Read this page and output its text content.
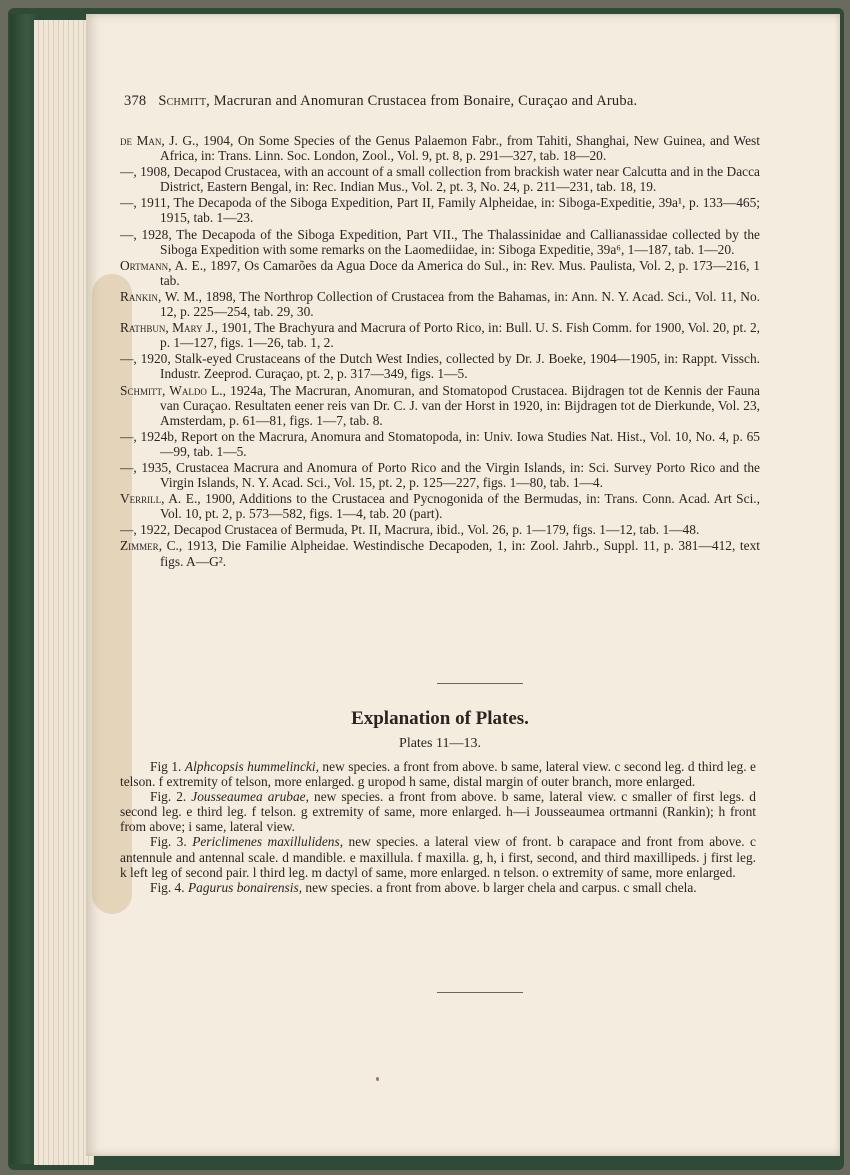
378 Schmitt, Macruran and Anomuran Crustacea from Bonaire, Curaçao and Aruba.
de Man, J. G., 1904, On Some Species of the Genus Palaemon Fabr., from Tahiti, Shanghai, New Guinea, and West Africa, in: Trans. Linn. Soc. London, Zool., Vol. 9, pt. 8, p. 291—327, tab. 18—20.
—, 1908, Decapod Crustacea, with an account of a small collection from brackish water near Calcutta and in the Dacca District, Eastern Bengal, in: Rec. Indian Mus., Vol. 2, pt. 3, No. 24, p. 211—231, tab. 18, 19.
—, 1911, The Decapoda of the Siboga Expedition, Part II, Family Alpheidae, in: Siboga-Expeditie, 39a¹, p. 133—465; 1915, tab. 1—23.
—, 1928, The Decapoda of the Siboga Expedition, Part VII., The Thalassinidae and Callianassidae collected by the Siboga Expedition with some remarks on the Laomediidae, in: Siboga Expeditie, 39a⁶, 1—187, tab. 1—20.
Ortmann, A. E., 1897, Os Camarões da Agua Doce da America do Sul., in: Rev. Mus. Paulista, Vol. 2, p. 173—216, 1 tab.
Rankin, W. M., 1898, The Northrop Collection of Crustacea from the Bahamas, in: Ann. N. Y. Acad. Sci., Vol. 11, No. 12, p. 225—254, tab. 29, 30.
Rathbun, Mary J., 1901, The Brachyura and Macrura of Porto Rico, in: Bull. U. S. Fish Comm. for 1900, Vol. 20, pt. 2, p. 1—127, figs. 1—26, tab. 1, 2.
—, 1920, Stalk-eyed Crustaceans of the Dutch West Indies, collected by Dr. J. Boeke, 1904—1905, in: Rappt. Vissch. Industr. Zeeprod. Curaçao, pt. 2, p. 317—349, figs. 1—5.
Schmitt, Waldo L., 1924a, The Macruran, Anomuran, and Stomatopod Crustacea. Bijdragen tot de Kennis der Fauna van Curaçao. Resultaten eener reis van Dr. C. J. van der Horst in 1920, in: Bijdragen tot de Dierkunde, Vol. 23, Amsterdam, p. 61—81, figs. 1—7, tab. 8.
—, 1924b, Report on the Macrura, Anomura and Stomatopoda, in: Univ. Iowa Studies Nat. Hist., Vol. 10, No. 4, p. 65—99, tab. 1—5.
—, 1935, Crustacea Macrura and Anomura of Porto Rico and the Virgin Islands, in: Sci. Survey Porto Rico and the Virgin Islands, N. Y. Acad. Sci., Vol. 15, pt. 2, p. 125—227, figs. 1—80, tab. 1—4.
Verrill, A. E., 1900, Additions to the Crustacea and Pycnogonida of the Bermudas, in: Trans. Conn. Acad. Art Sci., Vol. 10, pt. 2, p. 573—582, figs. 1—4, tab. 20 (part).
—, 1922, Decapod Crustacea of Bermuda, Pt. II, Macrura, ibid., Vol. 26, p. 1—179, figs. 1—12, tab. 1—48.
Zimmer, C., 1913, Die Familie Alpheidae. Westindische Decapoden, 1, in: Zool. Jahrb., Suppl. 11, p. 381—412, text figs. A—G².
Explanation of Plates.
Plates 11—13.

Fig 1. Alphcopsis hummelincki, new species. a front from above. b same, lateral view. c second leg. d third leg. e telson. f extremity of telson, more enlarged. g uropod h same, distal margin of outer branch, more enlarged.

Fig. 2. Jousseaumea arubae, new species. a front from above. b same, lateral view. c smaller of first legs. d second leg. e third leg. f telson. g extremity of same, more enlarged. h—i Jousseaumea ortmanni (Rankin); h front from above; i same, lateral view.

Fig. 3. Periclimenes maxillulidens, new species. a lateral view of front. b carapace and front from above. c antennule and antennal scale. d mandible. e maxillula. f maxilla. g, h, i first, second, and third maxillipeds. j first leg. k left leg of second pair. l third leg. m dactyl of same, more enlarged. n telson. o extremity of same, more enlarged.

Fig. 4. Pagurus bonairensis, new species. a front from above. b larger chela and carpus. c small chela.
